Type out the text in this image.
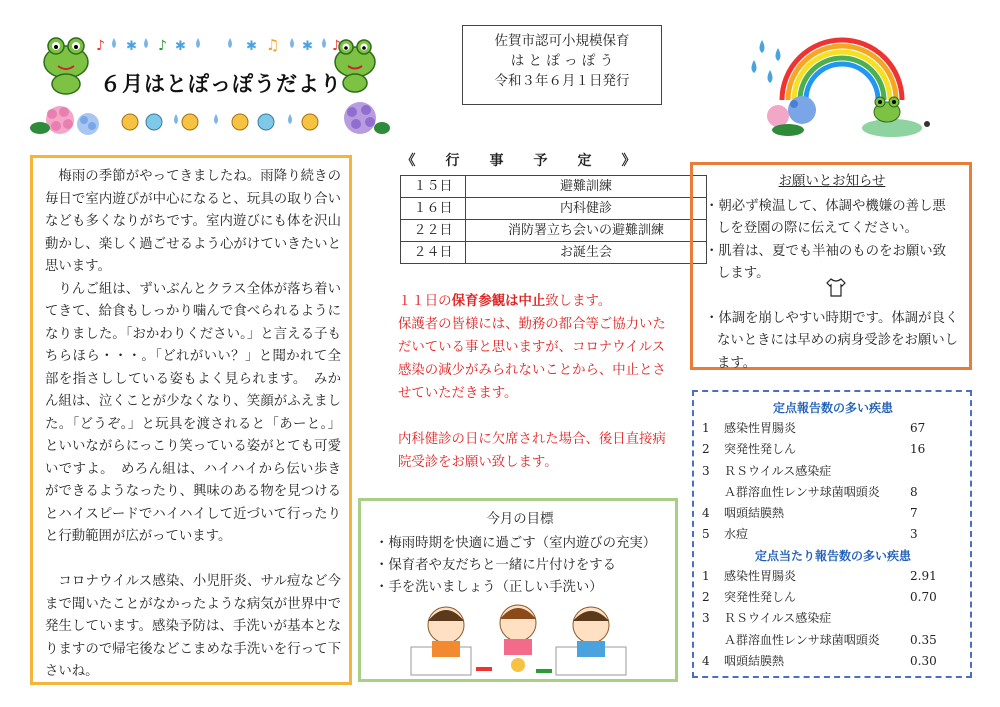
♪ ✱ ♪ ✱	✱ ♫ ✱ ♪
６月はとぽっぽうだより
佐賀市認可小規模保育
は と ぽ っ ぽ う
令和３年６月１日発行

梅雨の季節がやってきましたね。雨降り続きの毎日で室内遊びが中心になると、玩具の取り合いなども多くなりがちです。室内遊びにも体を沢山動かし、楽しく過ごせるよう心がけていきたいと思います。

りんご組は、ずいぶんとクラス全体が落ち着いてきて、給食もしっかり噛んで食べられるようになりました。「おかわりください。」と言える子もちらほら・・・。「どれがいい？」と聞かれて全部を指さししている姿もよく見られます。　みかん組は、泣くことが少なくなり、笑顔がふえました。「どうぞ。」と玩具を渡されると「あーと。」といいながらにっこり笑っている姿がとても可愛いですよ。　めろん組は、ハイハイから伝い歩きができるようなったり、興味のある物を見つけるとハイスピードでハイハイして近づいて行ったりと行動範囲が広がっています。

コロナウイルス感染、小児肝炎、サル痘など今まで聞いたことがなかったような病気が世界中で発生しています。感染予防は、手洗いが基本となりますので帰宅後などこまめな手洗いを行って下さいね。

《　行　事　予　定　》
１５日	避難訓練
１６日	内科健診
２２日	消防署立ち会いの避難訓練
２４日	お誕生会

１１日の保育参観は中止致します。

保護者の皆様には、勤務の都合等ご協力いただいている事と思いますが、コロナウイルス感染の減少がみられないことから、中止とさせていただきます。

内科健診の日に欠席された場合、後日直接病院受診をお願い致します。

今月の目標
・梅雨時期を快適に過ごす（室内遊びの充実）
・保育者や友だちと一緒に片付けをする
・手を洗いましょう（正しい手洗い）
お願いとお知らせ

・朝必ず検温して、体調や機嫌の善し悪しを登園の際に伝えてください。

・肌着は、夏でも半袖のものをお願い致します。

・体調を崩しやすい時期です。体調が良くないときには早めの病身受診をお願いします。

定点報告数の多い疾患
1	感染性胃腸炎	67
2	突発性発しん	16
3	ＲＳウイルス感染症
Ａ群溶血性レンサ球菌咽頭炎	8
4	咽頭結膜熱	7
5	水痘	3
定点当たり報告数の多い疾患
1	感染性胃腸炎	2.91
2	突発性発しん	0.70
3	ＲＳウイルス感染症
Ａ群溶血性レンサ球菌咽頭炎	0.35
4	咽頭結膜熱	0.30
